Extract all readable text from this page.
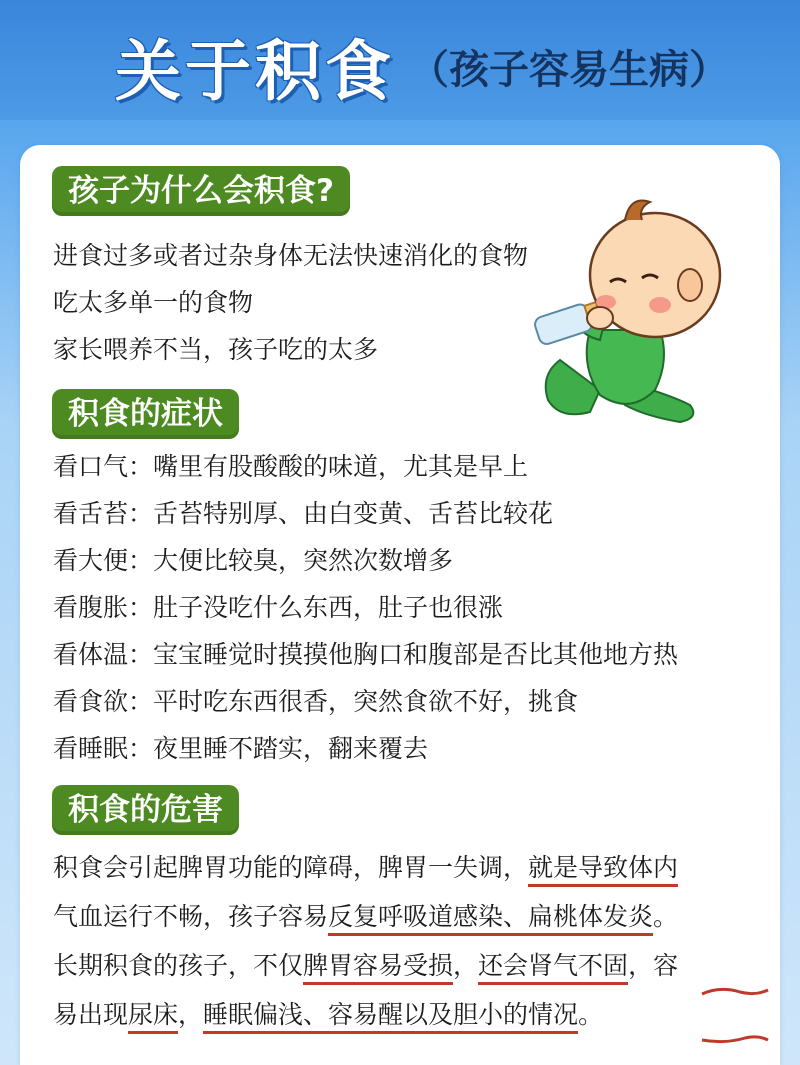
关于积食 （孩子容易生病）
孩子为什么会积食?
进食过多或者过杂身体无法快速消化的食物
吃太多单一的食物
家长喂养不当，孩子吃的太多
积食的症状
看口气：嘴里有股酸酸的味道，尤其是早上
看舌苔：舌苔特别厚、由白变黄、舌苔比较花
看大便：大便比较臭，突然次数增多
看腹胀：肚子没吃什么东西，肚子也很涨
看体温：宝宝睡觉时摸摸他胸口和腹部是否比其他地方热
看食欲：平时吃东西很香，突然食欲不好，挑食
看睡眠：夜里睡不踏实，翻来覆去
积食的危害
积食会引起脾胃功能的障碍，脾胃一失调，就是导致体内
气血运行不畅，孩子容易反复呼吸道感染、扁桃体发炎。
长期积食的孩子，不仅脾胃容易受损，还会肾气不固，容
易出现尿床，睡眠偏浅、容易醒以及胆小的情况。
